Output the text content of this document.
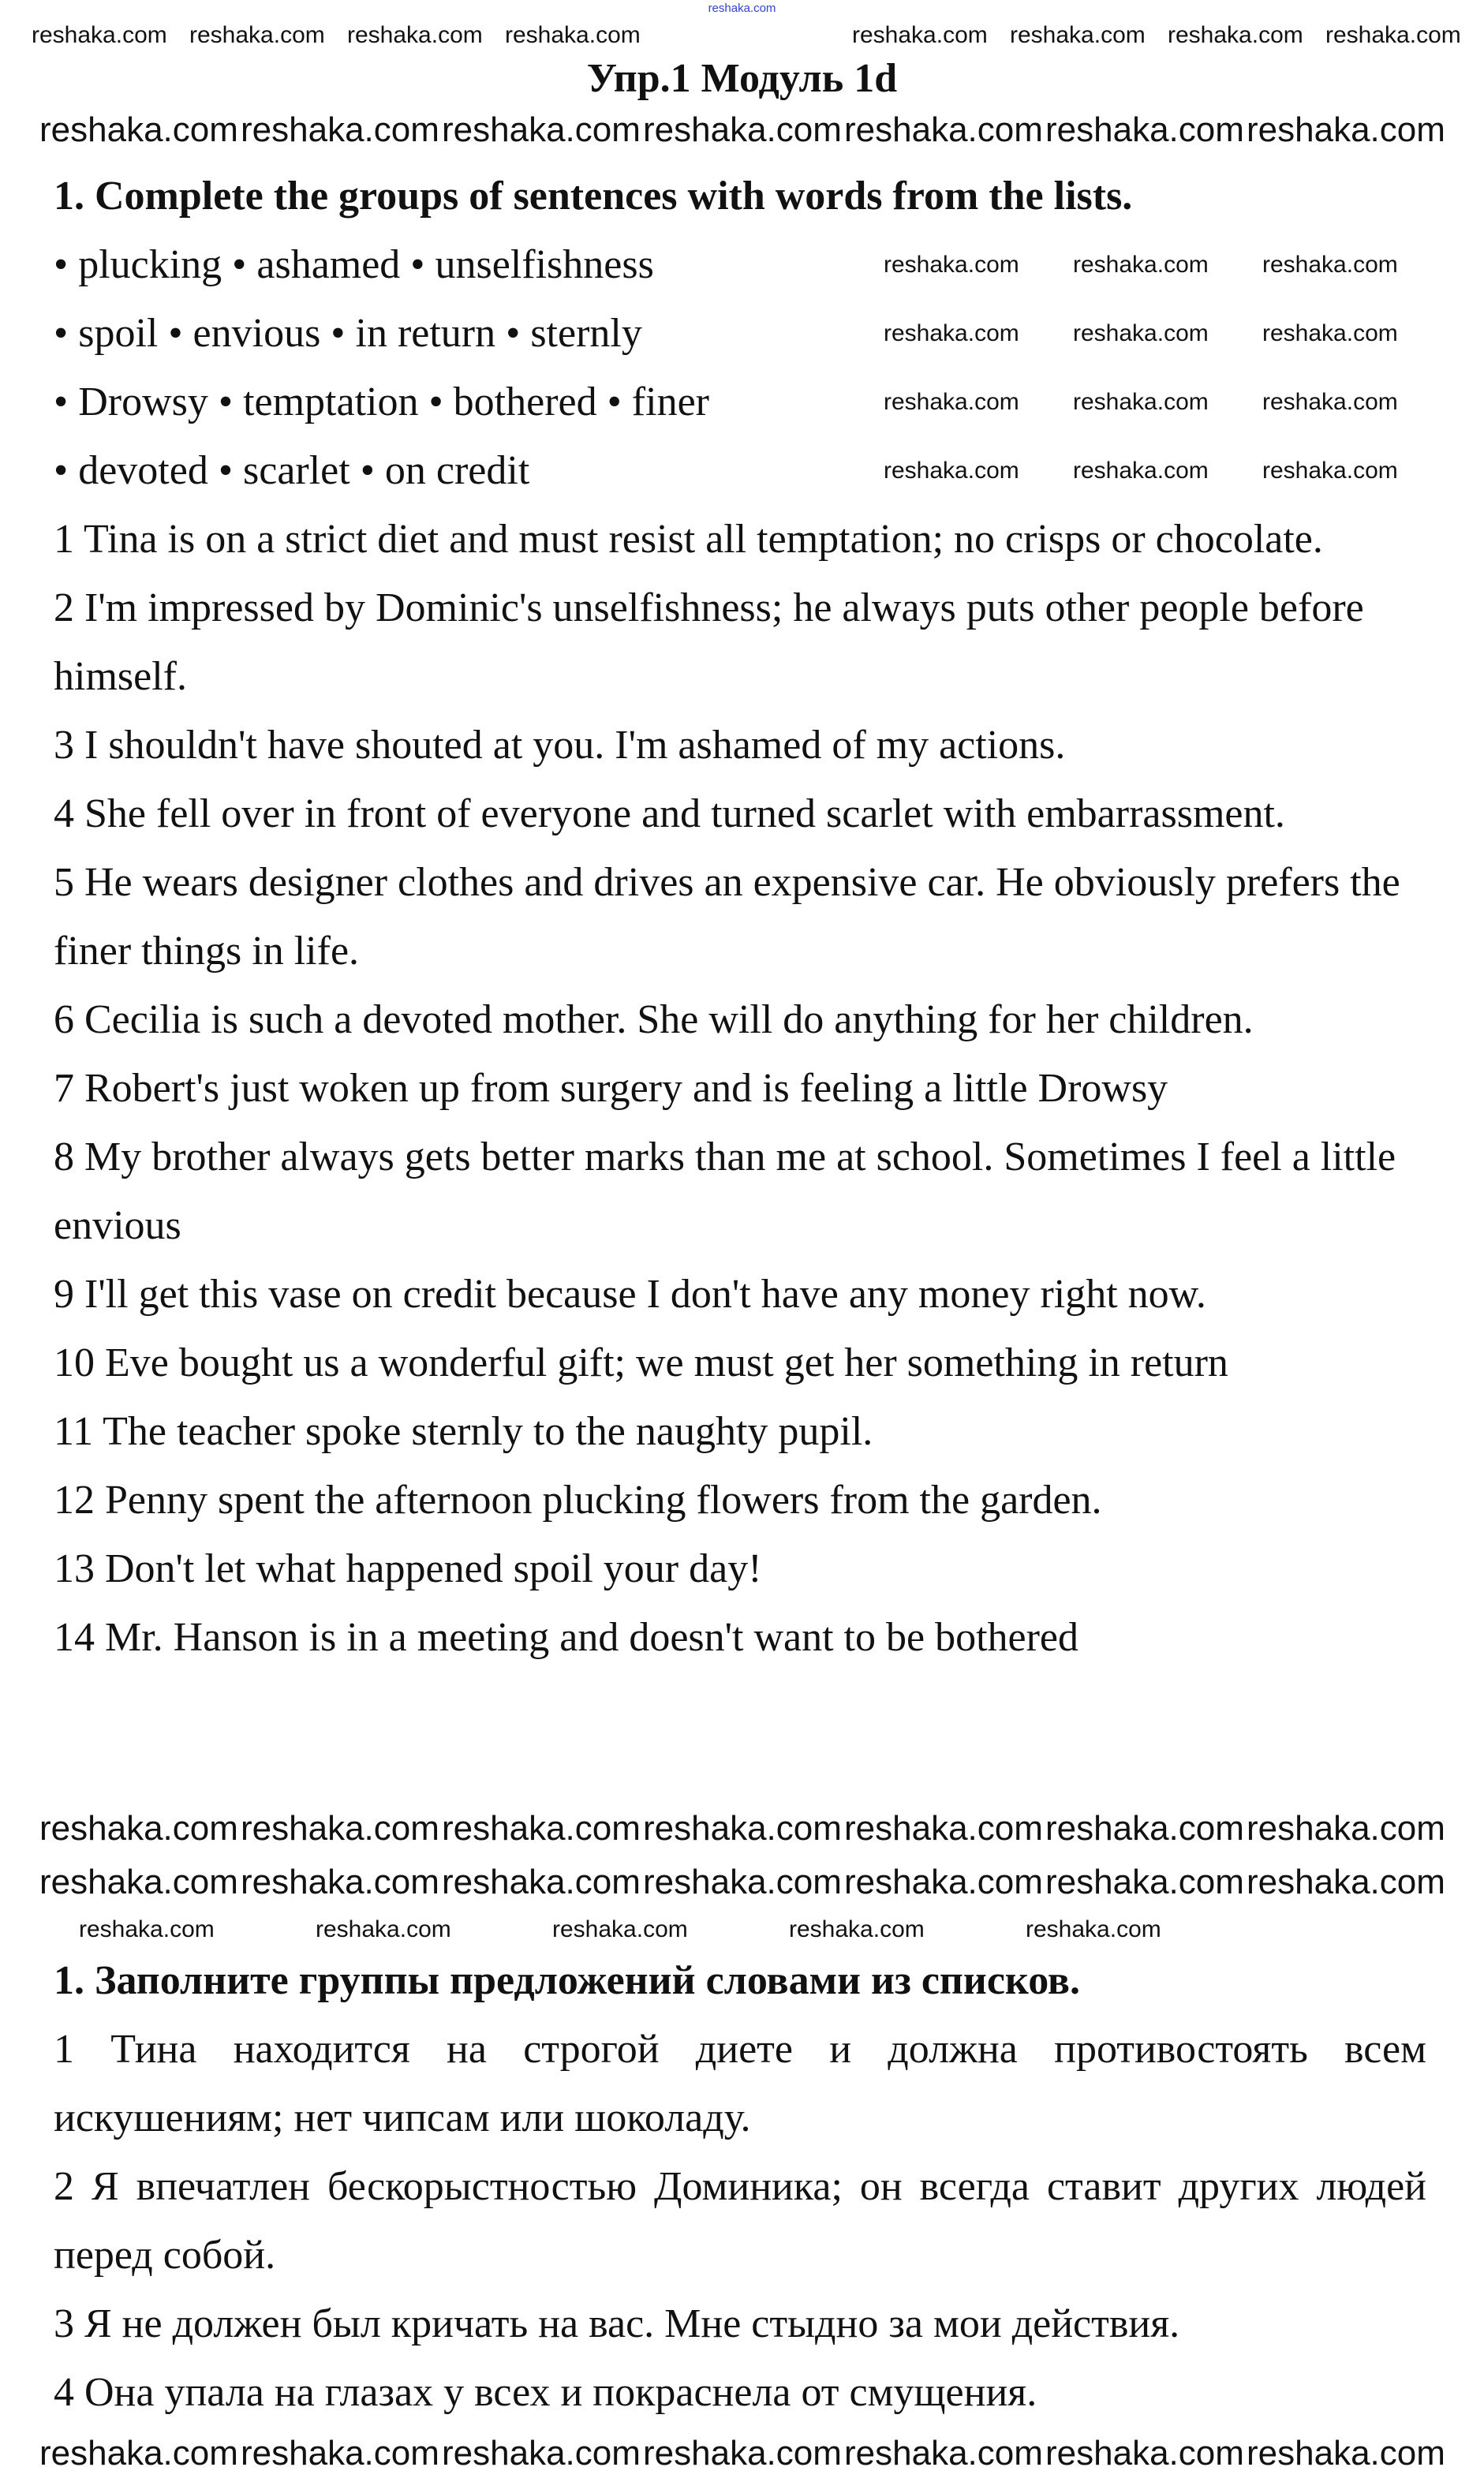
reshaka.com
Упр.1 Модуль 1d

1. Complete the groups of sentences with words from the lists.

• plucking • ashamed • unselfishness

• spoil • envious • in return • sternly

• Drowsy • temptation • bothered • finer

• devoted • scarlet • on credit

1 Tina is on a strict diet and must resist all temptation; no crisps or chocolate.

2 I'm impressed by Dominic's unselfishness; he always puts other people before himself.

3 I shouldn't have shouted at you. I'm ashamed of my actions.

4 She fell over in front of everyone and turned scarlet with embarrassment.

5 He wears designer clothes and drives an expensive car. He obviously prefers the finer things in life.

6 Cecilia is such a devoted mother. She will do anything for her children.

7 Robert's just woken up from surgery and is feeling a little Drowsy

8 My brother always gets better marks than me at school. Sometimes I feel a little envious

9 I'll get this vase on credit because I don't have any money right now.

10 Eve bought us a wonderful gift; we must get her something in return

11 The teacher spoke sternly to the naughty pupil.

12 Penny spent the afternoon plucking flowers from the garden.

13 Don't let what happened spoil your day!

14 Mr. Hanson is in a meeting and doesn't want to be bothered

1. Заполните группы предложений словами из списков.

1 Тина находится на строгой диете и должна противостоять всем искушениям; нет чипсам или шоколаду.

2 Я впечатлен бескорыстностью Доминика; он всегда ставит других людей перед собой.

3 Я не должен был кричать на вас. Мне стыдно за мои действия.

4 Она упала на глазах у всех и покраснела от смущения.

reshaka.com reshaka.com reshaka.com reshaka.com	reshaka.com reshaka.com reshaka.com reshaka.com
reshaka.com reshaka.com reshaka.com reshaka.com reshaka.com reshaka.com reshaka.com
reshaka.com reshaka.com reshaka.com
reshaka.com reshaka.com reshaka.com
reshaka.com reshaka.com reshaka.com
reshaka.com reshaka.com reshaka.com
reshaka.com reshaka.com reshaka.com reshaka.com reshaka.com reshaka.com reshaka.com
reshaka.com reshaka.com reshaka.com reshaka.com reshaka.com reshaka.com reshaka.com
reshaka.com	reshaka.com	reshaka.com	reshaka.com	reshaka.com
reshaka.com reshaka.com reshaka.com reshaka.com reshaka.com reshaka.com reshaka.com
